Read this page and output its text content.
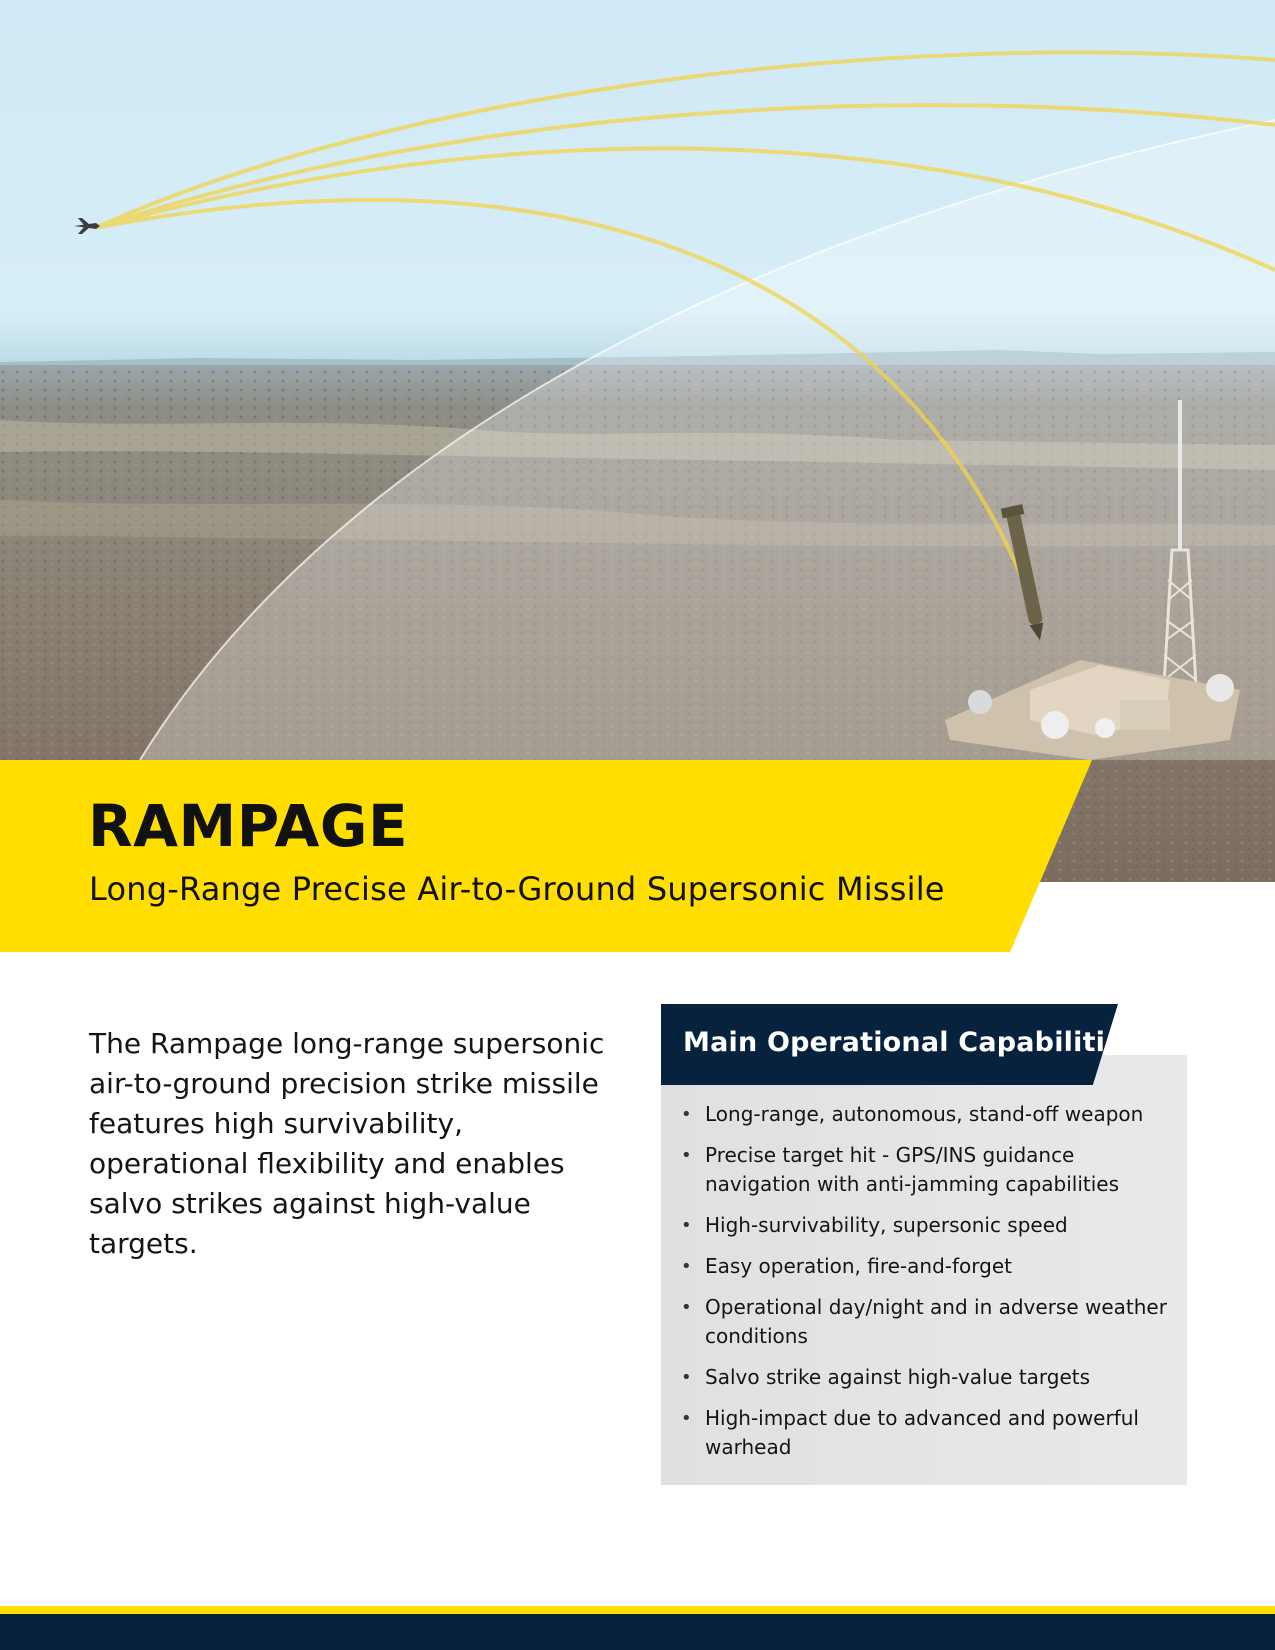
RAMPAGE

Long-Range Precise Air-to-Ground Supersonic Missile

The Rampage long-range supersonic air-to-ground precision strike missile features high survivability, operational flexibility and enables salvo strikes against high-value targets.

Main Operational Capabilities
• Long-range, autonomous, stand-off weapon
• Precise target hit - GPS/INS guidance navigation with anti-jamming capabilities
• High-survivability, supersonic speed
• Easy operation, fire-and-forget
• Operational day/night and in adverse weather conditions
• Salvo strike against high-value targets
• High-impact due to advanced and powerful warhead
